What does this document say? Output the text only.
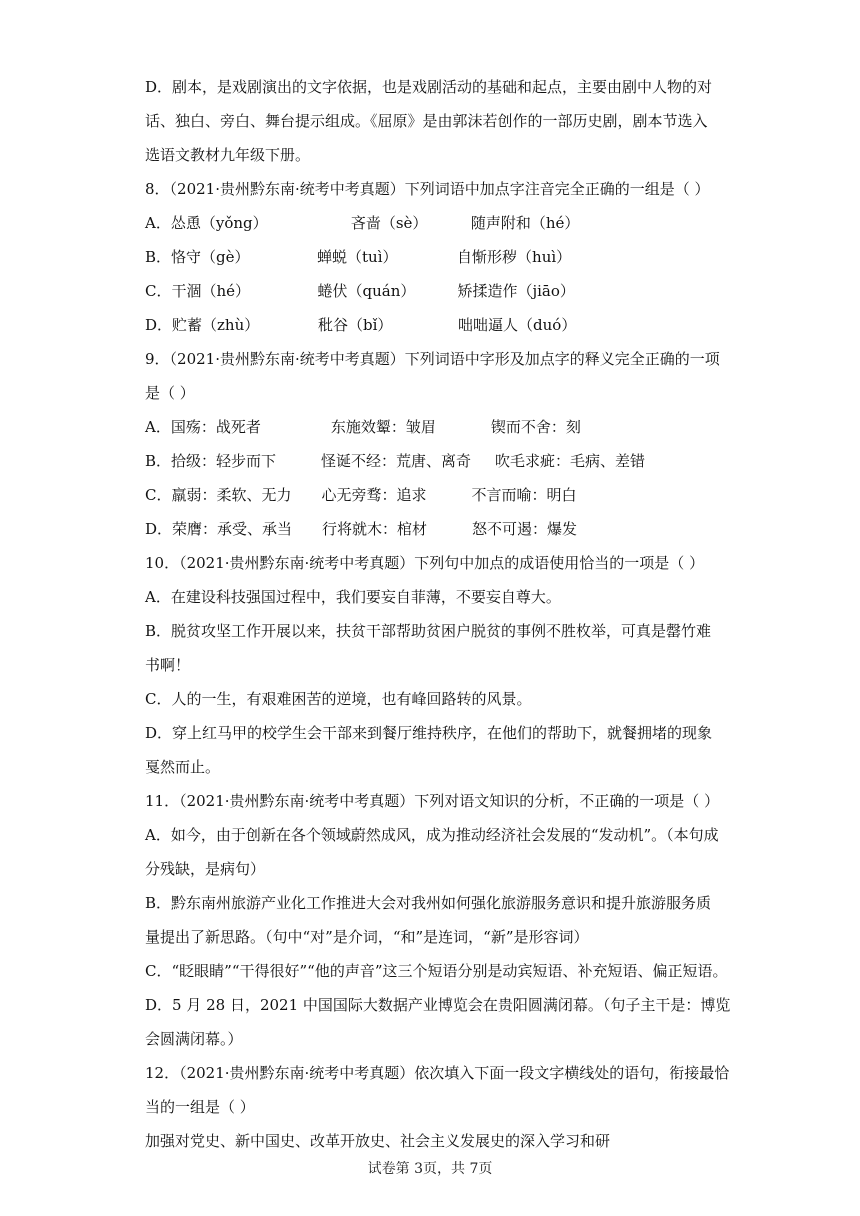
D．剧本，是戏剧演出的文字依据，也是戏剧活动的基础和起点，主要由剧中人物的对
话、独白、旁白、舞台提示组成。《屈原》是由郭沫若创作的一部历史剧，剧本节选入
选语文教材九年级下册。
8．（2021·贵州黔东南·统考中考真题）下列词语中加点字注音完全正确的一组是（ ）
A． 怂恿（yǒng）	吝啬（sè）	随声附和（hé）
B． 恪守（gè）	蝉蜕（tuì）	自惭形秽（huì）
C． 干涸（hé）	蜷伏（quán）	矫揉造作（jiāo）
D． 贮蓄（zhù）	秕谷（bǐ）	咄咄逼人（duó）
9．（2021·贵州黔东南·统考中考真题）下列词语中字形及加点字的释义完全正确的一项
是（ ）
A． 国殇：战死者	东施效颦：皱眉	锲而不舍：刻
B． 拾级：轻步而下	怪诞不经：荒唐、离奇	吹毛求疵：毛病、差错
C． 羸弱：柔软、无力	心无旁骛：追求	不言而喻：明白
D． 荣膺：承受、承当	行将就木：棺材	怒不可遏：爆发
10．（2021·贵州黔东南·统考中考真题）下列句中加点的成语使用恰当的一项是（ ）
A．在建设科技强国过程中，我们要妄自菲薄，不要妄自尊大。
B．脱贫攻坚工作开展以来，扶贫干部帮助贫困户脱贫的事例不胜枚举，可真是罄竹难
书啊！
C．人的一生，有艰难困苦的逆境，也有峰回路转的风景。
D．穿上红马甲的校学生会干部来到餐厅维持秩序，在他们的帮助下，就餐拥堵的现象
戛然而止。
11．（2021·贵州黔东南·统考中考真题）下列对语文知识的分析，不正确的一项是（ ）
A．如今，由于创新在各个领域蔚然成风，成为推动经济社会发展的“发动机”。（本句成
分残缺，是病句）
B．黔东南州旅游产业化工作推进大会对我州如何强化旅游服务意识和提升旅游服务质
量提出了新思路。（句中“对”是介词，“和”是连词，“新”是形容词）
C．“眨眼睛”“干得很好”“他的声音”这三个短语分别是动宾短语、补充短语、偏正短语。
D．5 月 28 日，2021 中国国际大数据产业博览会在贵阳圆满闭幕。（句子主干是：博览
会圆满闭幕。）
12．（2021·贵州黔东南·统考中考真题）依次填入下面一段文字横线处的语句，衔接最恰
当的一组是（ ）
加强对党史、新中国史、改革开放史、社会主义发展史的深入学习和研
试卷第 3页，共 7页
